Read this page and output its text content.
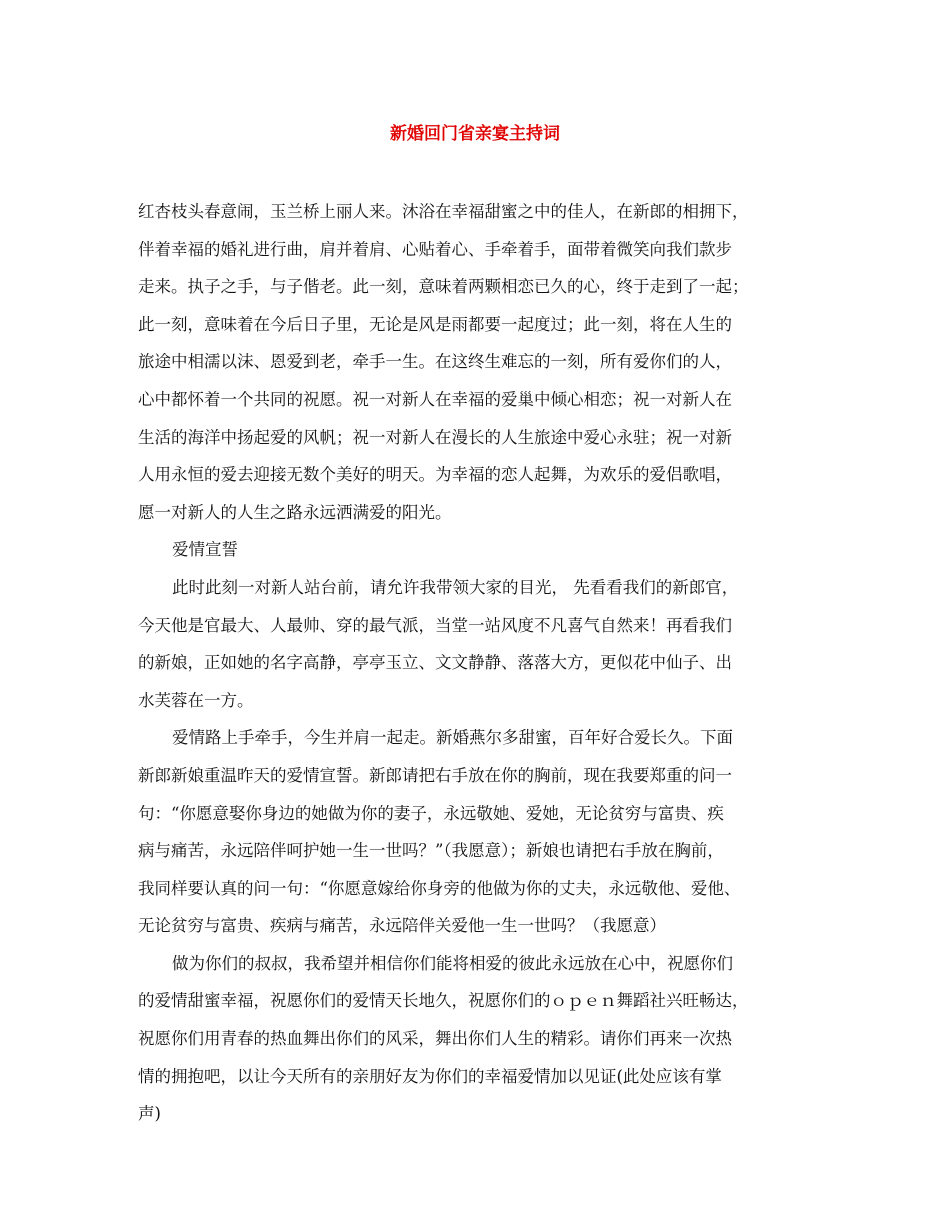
新婚回门省亲宴主持词
红杏枝头春意闹，玉兰桥上丽人来。沐浴在幸福甜蜜之中的佳人，在新郎的相拥下，
伴着幸福的婚礼进行曲，肩并着肩、心贴着心、手牵着手，面带着微笑向我们款步
走来。执子之手，与子偕老。此一刻，意味着两颗相恋已久的心，终于走到了一起；
此一刻，意味着在今后日子里，无论是风是雨都要一起度过；此一刻，将在人生的
旅途中相濡以沫、恩爱到老，牵手一生。在这终生难忘的一刻，所有爱你们的人，
心中都怀着一个共同的祝愿。祝一对新人在幸福的爱巢中倾心相恋；祝一对新人在
生活的海洋中扬起爱的风帆；祝一对新人在漫长的人生旅途中爱心永驻；祝一对新
人用永恒的爱去迎接无数个美好的明天。为幸福的恋人起舞，为欢乐的爱侣歌唱，
愿一对新人的人生之路永远洒满爱的阳光。
爱情宣誓
此时此刻一对新人站台前，请允许我带领大家的目光， 先看看我们的新郎官，
今天他是官最大、人最帅、穿的最气派，当堂一站风度不凡喜气自然来！再看我们
的新娘，正如她的名字高静，亭亭玉立、文文静静、落落大方，更似花中仙子、出
水芙蓉在一方。
爱情路上手牵手，今生并肩一起走。新婚燕尔多甜蜜，百年好合爱长久。下面
新郎新娘重温昨天的爱情宣誓。新郎请把右手放在你的胸前，现在我要郑重的问一
句：“你愿意娶你身边的她做为你的妻子，永远敬她、爱她，无论贫穷与富贵、疾
病与痛苦，永远陪伴呵护她一生一世吗？”（我愿意）；新娘也请把右手放在胸前，
我同样要认真的问一句：“你愿意嫁给你身旁的他做为你的丈夫，永远敬他、爱他、
无论贫穷与富贵、疾病与痛苦，永远陪伴关爱他一生一世吗？（我愿意）
做为你们的叔叔，我希望并相信你们能将相爱的彼此永远放在心中，祝愿你们
的爱情甜蜜幸福，祝愿你们的爱情天长地久，祝愿你们的ｏｐｅｎ舞蹈社兴旺畅达，
祝愿你们用青春的热血舞出你们的风采，舞出你们人生的精彩。请你们再来一次热
情的拥抱吧，以让今天所有的亲朋好友为你们的幸福爱情加以见证(此处应该有掌
声)
